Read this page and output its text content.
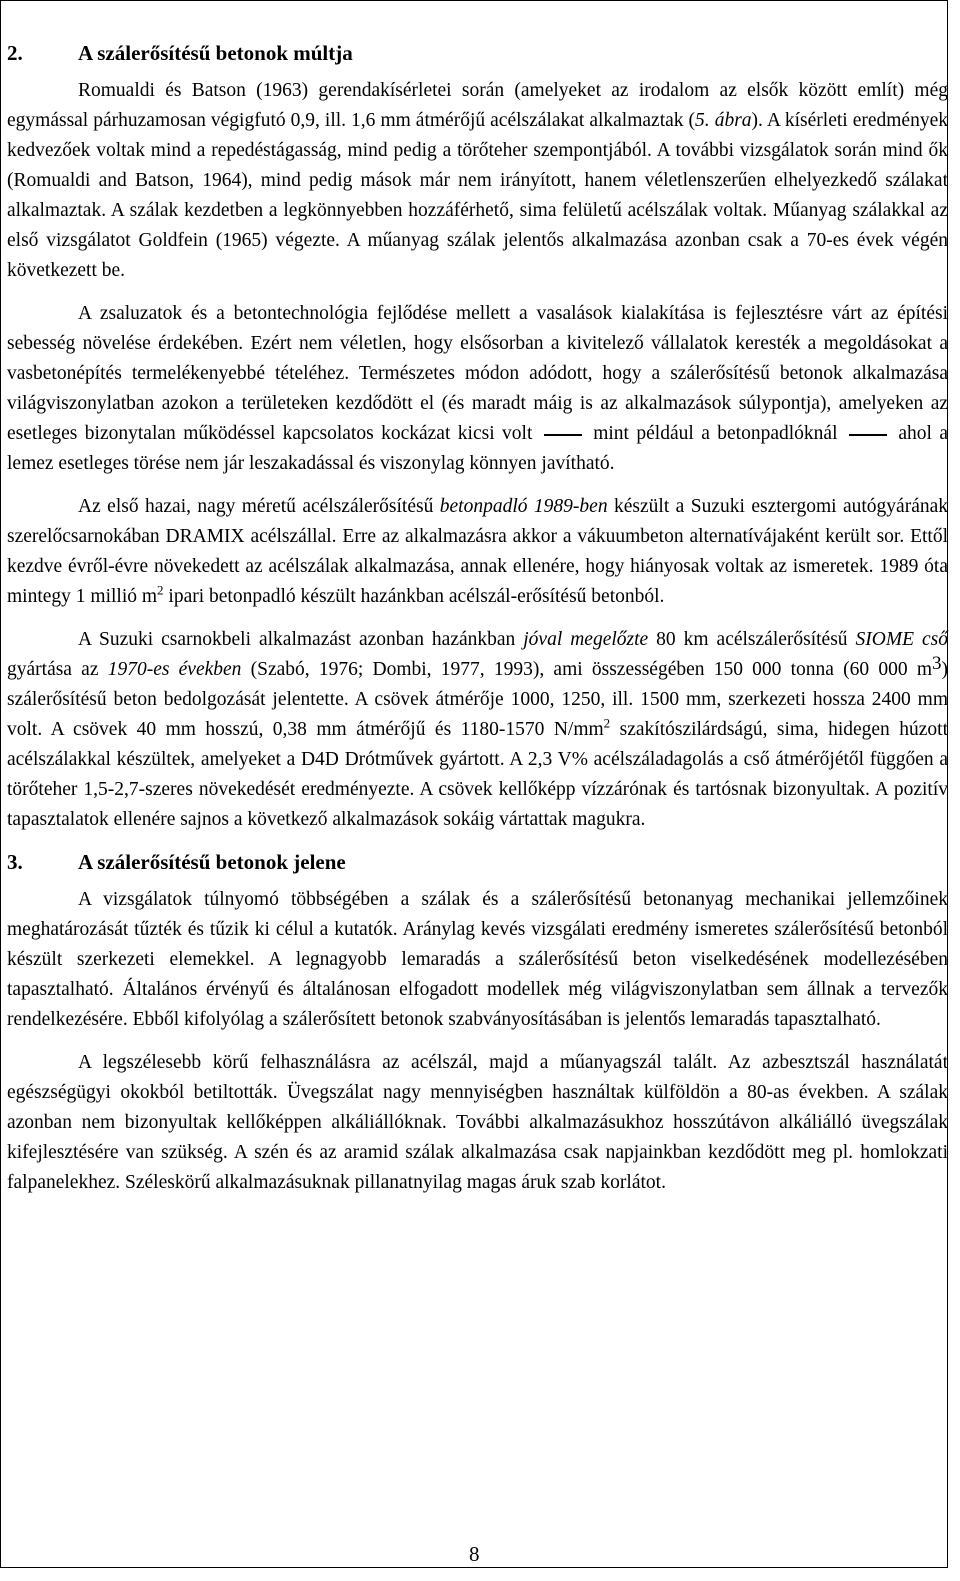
2.	A szálerősítésű betonok múltja

Romualdi és Batson (1963) gerendakísérletei során (amelyeket az irodalom az elsők között említ) még egymással párhuzamosan végigfutó 0,9, ill. 1,6 mm átmérőjű acélszálakat alkalmaztak (5. ábra). A kísérleti eredmények kedvezőek voltak mind a repedéstágasság, mind pedig a törőteher szempontjából. A további vizsgálatok során mind ők (Romualdi and Batson, 1964), mind pedig mások már nem irányított, hanem véletlenszerűen elhelyezkedő szálakat alkalmaztak. A szálak kezdetben a legkönnyebben hozzáférhető, sima felületű acélszálak voltak. Műanyag szálakkal az első vizsgálatot Goldfein (1965) végezte. A műanyag szálak jelentős alkalmazása azonban csak a 70-es évek végén következett be.

A zsaluzatok és a betontechnológia fejlődése mellett a vasalások kialakítása is fejlesztésre várt az építési sebesség növelése érdekében. Ezért nem véletlen, hogy elsősorban a kivitelező vállalatok keresték a megoldásokat a vasbetonépítés termelékenyebbé tételéhez. Természetes módon adódott, hogy a szálerősítésű betonok alkalmazása világviszonylatban azokon a területeken kezdődött el (és maradt máig is az alkalmazások súlypontja), amelyeken az esetleges bizonytalan működéssel kapcsolatos kockázat kicsi volt	mint például a betonpadlóknál	ahol a lemez esetleges törése nem jár leszakadással és viszonylag könnyen javítható.

Az első hazai, nagy méretű acélszálerősítésű betonpadló 1989-ben készült a Suzuki esztergomi autógyárának szerelőcsarnokában DRAMIX acélszállal. Erre az alkalmazásra akkor a vákuumbeton alternatívájaként került sor. Ettől kezdve évről-évre növekedett az acélszálak alkalmazása, annak ellenére, hogy hiányosak voltak az ismeretek. 1989 óta mintegy 1 millió $m^2$ ipari betonpadló készült hazánkban acélszál-erősítésű betonból.

A Suzuki csarnokbeli alkalmazást azonban hazánkban jóval megelőzte 80 km acélszálerősítésű SIOME cső gyártása az 1970-es években (Szabó, 1976; Dombi, 1977, 1993), ami összességében 150 000 tonna (60 000 m3) szálerősítésű beton bedolgozását jelentette. A csövek átmérője 1000, 1250, ill. 1500 mm, szerkezeti hossza 2400 mm volt. A csövek 40 mm hosszú, 0,38 mm átmérőjű és 1180-1570 $N/mm^2$ szakítószilárdságú, sima, hidegen húzott acélszálakkal készültek, amelyeket a D4D Drótművek gyártott. A 2,3 V% acélszáladagolás a cső átmérőjétől függően a törőteher 1,5-2,7-szeres növekedését eredményezte. A csövek kellőképp vízzárónak és tartósnak bizonyultak. A pozitív tapasztalatok ellenére sajnos a következő alkalmazások sokáig vártattak magukra.

3.	A szálerősítésű betonok jelene

A vizsgálatok túlnyomó többségében a szálak és a szálerősítésű betonanyag mechanikai jellemzőinek meghatározását tűzték és tűzik ki célul a kutatók. Aránylag kevés vizsgálati eredmény ismeretes szálerősítésű betonból készült szerkezeti elemekkel. A legnagyobb lemaradás a szálerősítésű beton viselkedésének modellezésében tapasztalható. Általános érvényű és általánosan elfogadott modellek még világviszonylatban sem állnak a tervezők rendelkezésére. Ebből kifolyólag a szálerősített betonok szabványosításában is jelentős lemaradás tapasztalható.

A legszélesebb körű felhasználásra az acélszál, majd a műanyagszál talált. Az azbesztszál használatát egészségügyi okokból betiltották. Üvegszálat nagy mennyiségben használtak külföldön a 80-as években. A szálak azonban nem bizonyultak kellőképpen alkáliállóknak. További alkalmazásukhoz hosszútávon alkáliálló üvegszálak kifejlesztésére van szükség. A szén és az aramid szálak alkalmazása csak napjainkban kezdődött meg pl. homlokzati falpanelekhez. Széleskörű alkalmazásuknak pillanatnyilag magas áruk szab korlátot.

8
